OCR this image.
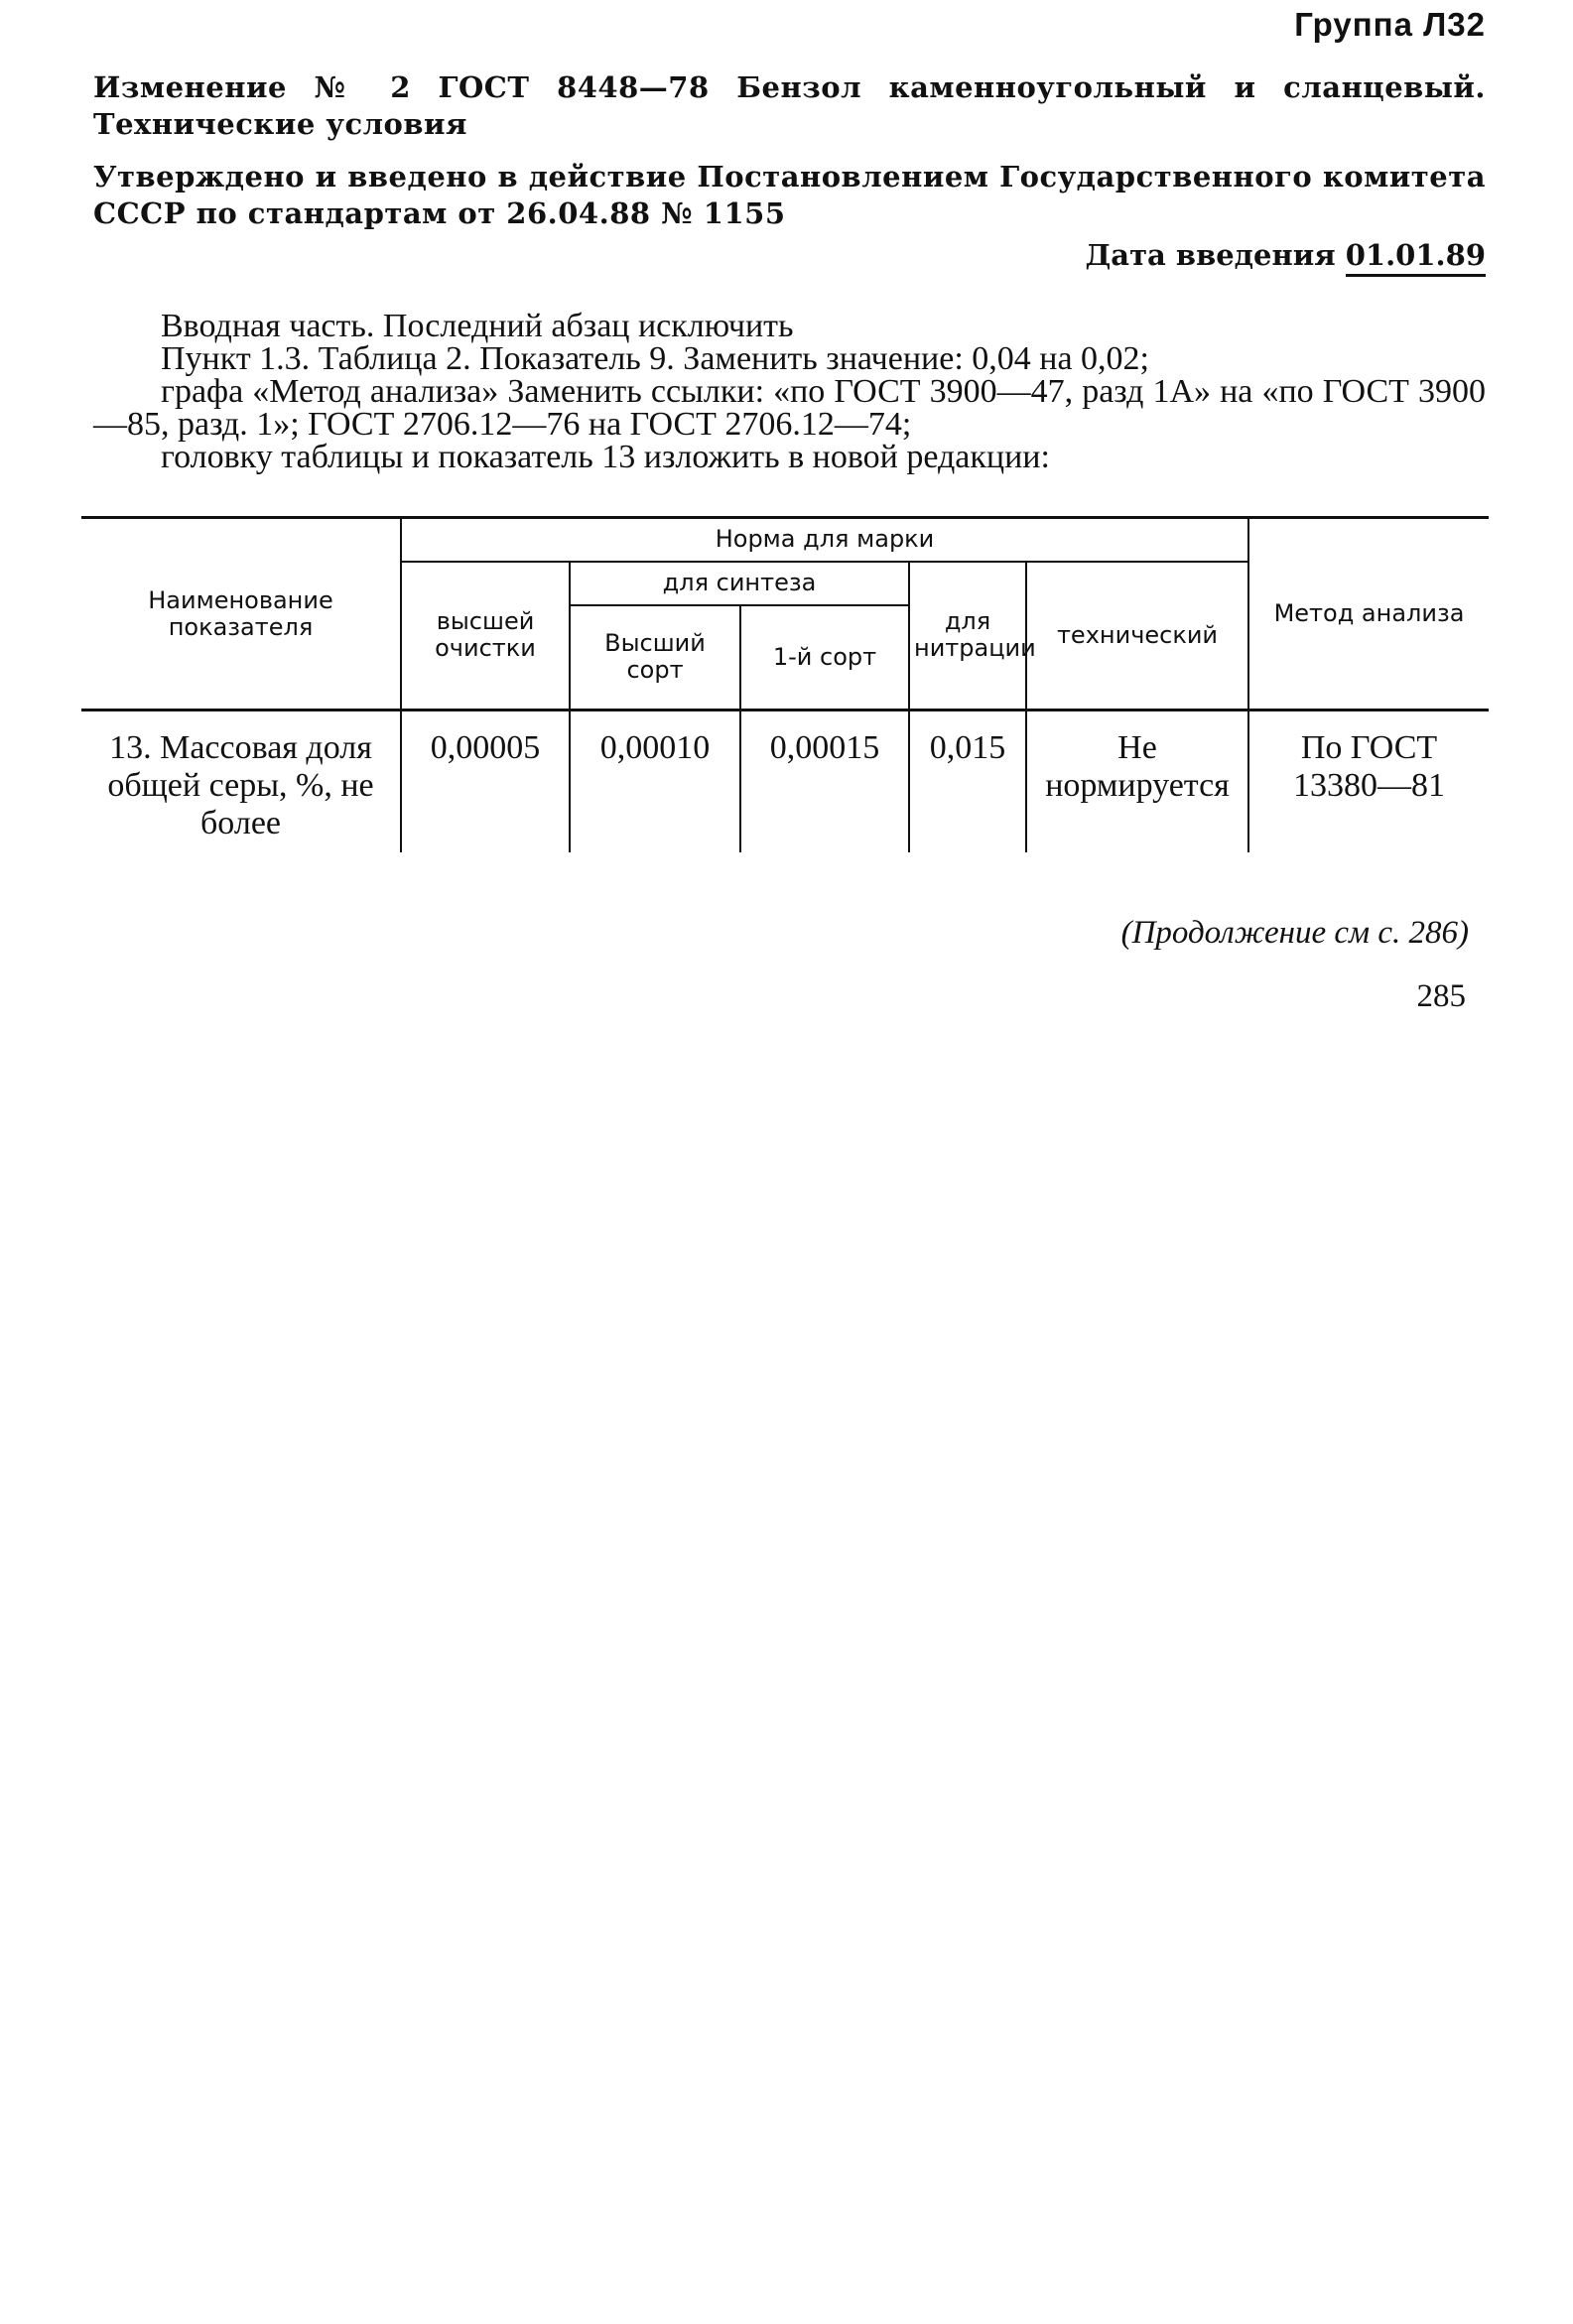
Группа Л32
Изменение № 2 ГОСТ 8448—78 Бензол каменноугольный и сланцевый. Технические условия
Утверждено и введено в действие Постановлением Государственного комитета СССР по стандартам от 26.04.88 № 1155
Дата введения 01.01.89

Вводная часть. Последний абзац исключить

Пункт 1.3. Таблица 2. Показатель 9. Заменить значение: 0,04 на 0,02;

графа «Метод анализа» Заменить ссылки: «по ГОСТ 3900—47, разд 1А» на «по ГОСТ 3900—85, разд. 1»; ГОСТ 2706.12—76 на ГОСТ 2706.12—74;

головку таблицы и показатель 13 изложить в новой редакции:

Наименование показателя	Норма для марки					Метод анализа
	высшей очистки	для синтеза		для нитрации	технический	
		Высший сорт	1-й сорт			
13. Массовая доля общей серы, %, не более	0,00005	0,00010	0,00015	0,015	Не нормируется	По ГОСТ 13380—81
(Продолжение см с. 286)
285
